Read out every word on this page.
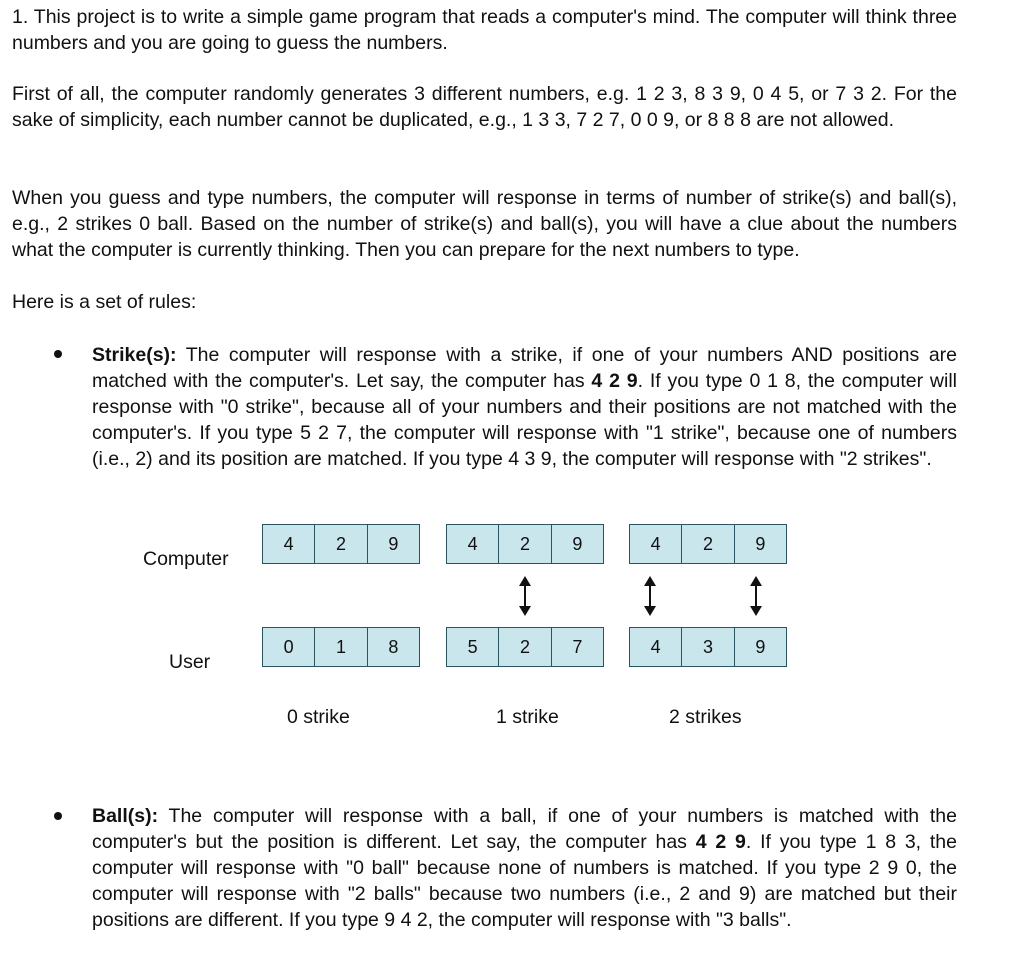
1. This project is to write a simple game program that reads a computer's mind. The computer will think three numbers and you are going to guess the numbers.

First of all, the computer randomly generates 3 different numbers, e.g. 1 2 3, 8 3 9, 0 4 5, or 7 3 2. For the sake of simplicity, each number cannot be duplicated, e.g., 1 3 3, 7 2 7, 0 0 9, or 8 8 8 are not allowed.

When you guess and type numbers, the computer will response in terms of number of strike(s) and ball(s), e.g., 2 strikes 0 ball. Based on the number of strike(s) and ball(s), you will have a clue about the numbers what the computer is currently thinking. Then you can prepare for the next numbers to type.

Here is a set of rules:

Strike(s): The computer will response with a strike, if one of your numbers AND positions are matched with the computer's. Let say, the computer has 4 2 9. If you type 0 1 8, the computer will response with "0 strike", because all of your numbers and their positions are not matched with the computer's. If you type 5 2 7, the computer will response with "1 strike", because one of numbers (i.e., 2) and its position are matched. If you type 4 3 9, the computer will response with "2 strikes".

Computer
User
4	2	9	4	2	9	4	2	9
0	1	8	5	2	7	4	3	9
0 strike	1 strike	2 strikes

Ball(s): The computer will response with a ball, if one of your numbers is matched with the computer's but the position is different. Let say, the computer has 4 2 9. If you type 1 8 3, the computer will response with "0 ball" because none of numbers is matched. If you type 2 9 0, the computer will response with "2 balls" because two numbers (i.e., 2 and 9) are matched but their positions are different. If you type 9 4 2, the computer will response with "3 balls".
